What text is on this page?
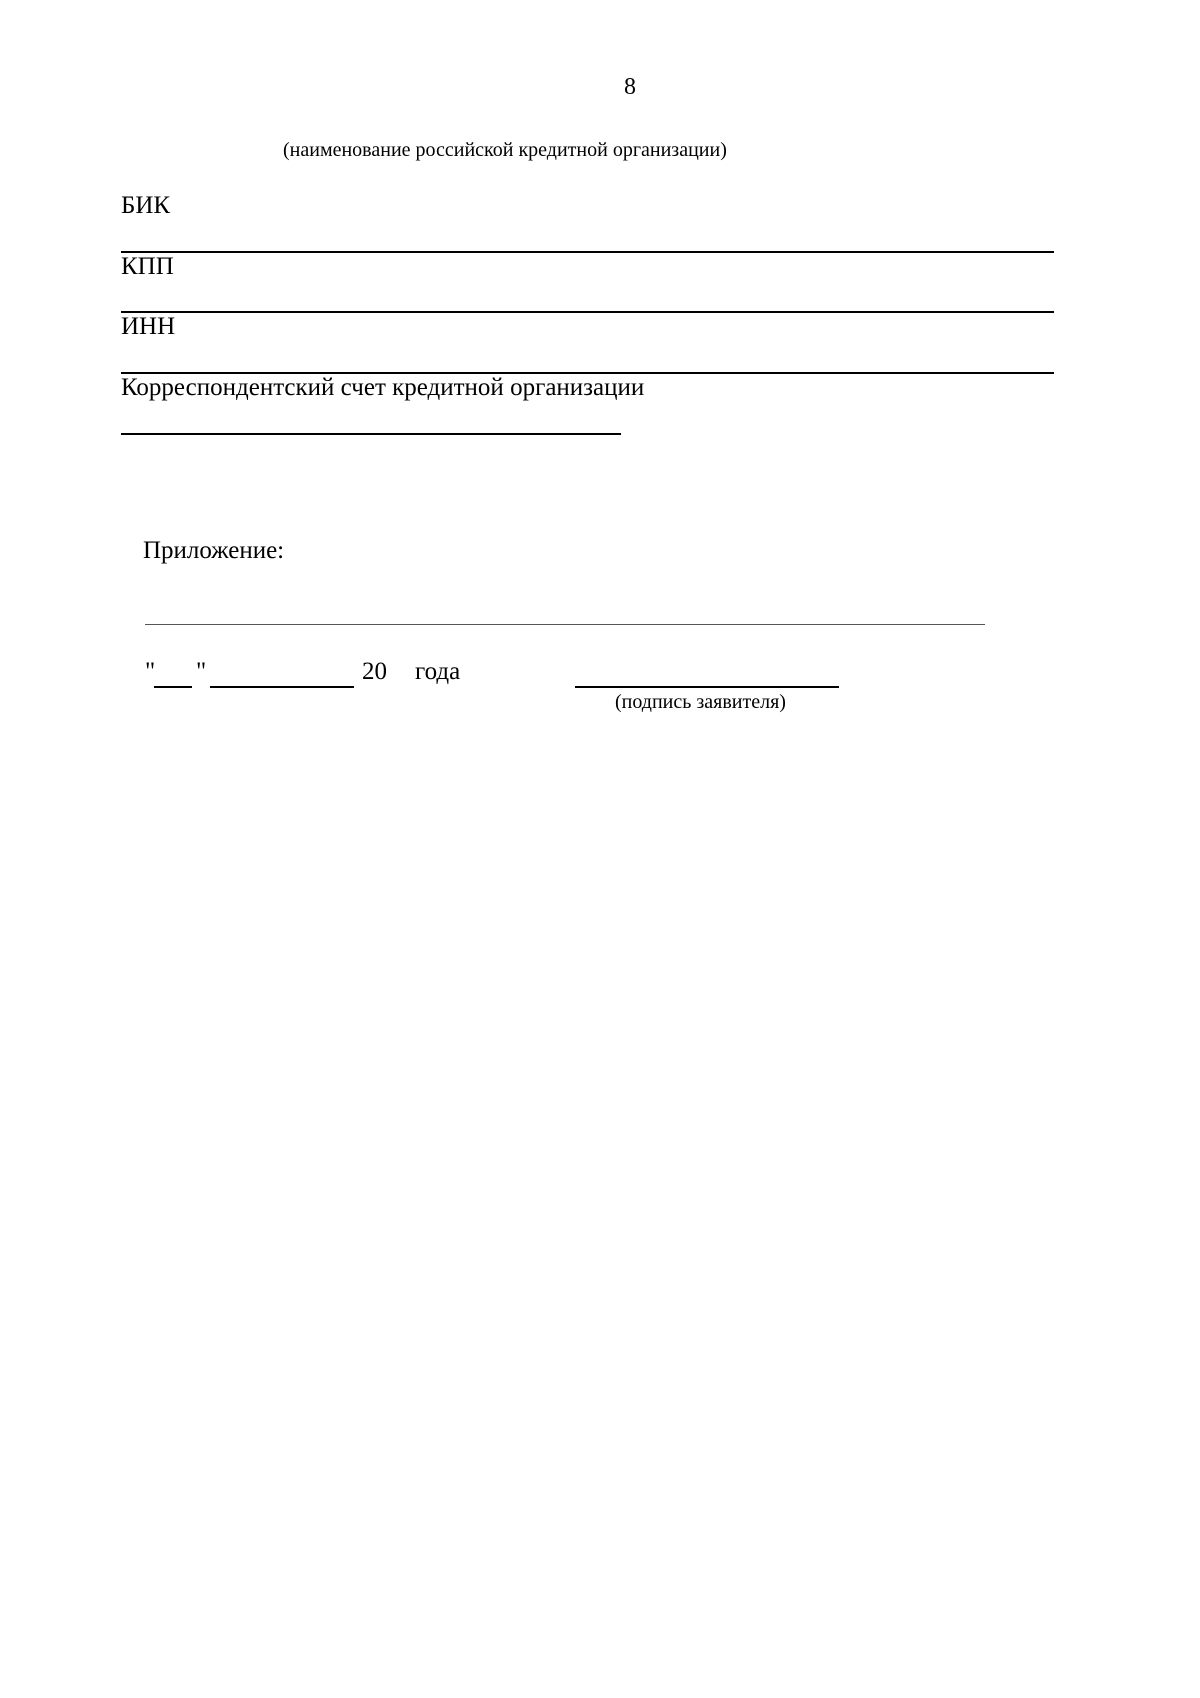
8
(наименование российской кредитной организации)
БИК
КПП
ИНН
Корреспондентский счет кредитной организации
Приложение:
" "	20 года
(подпись заявителя)
